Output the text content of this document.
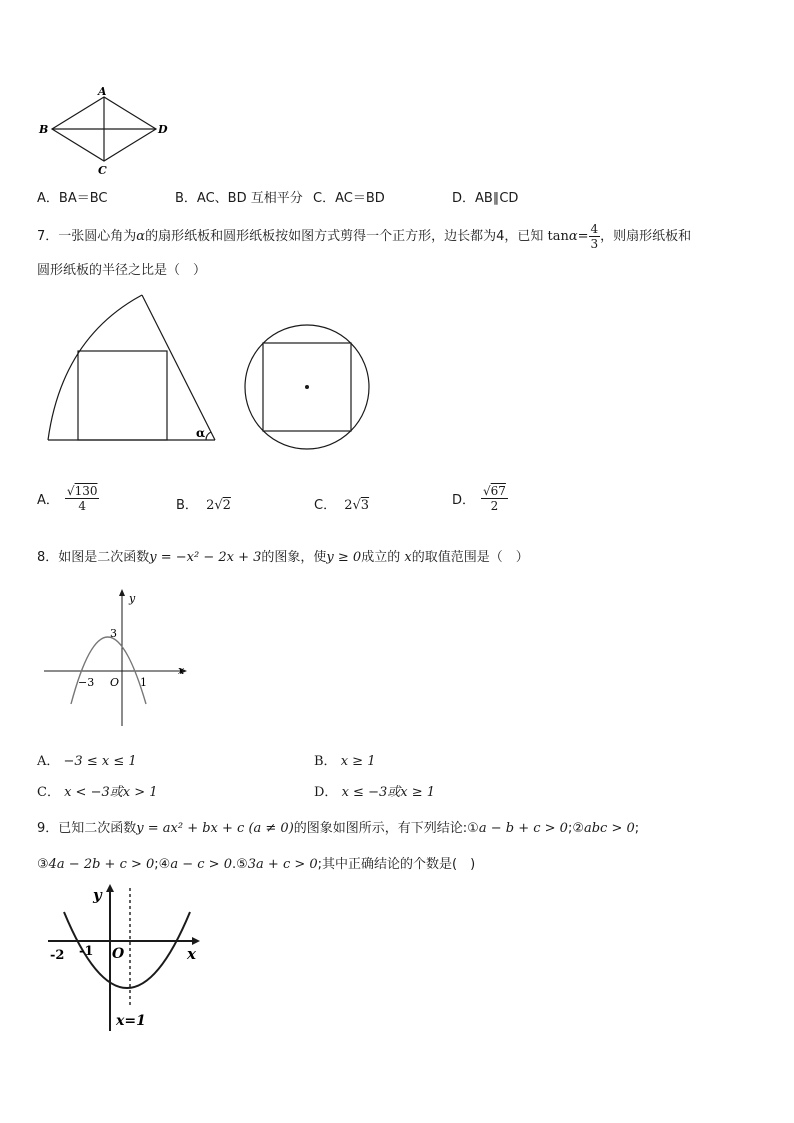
A
B
C
D
A．BA＝BC	B．AC、BD 互相平分 C．AC＝BD	D．AB∥CD
7．一张圆心角为α的扇形纸板和圆形纸板按如图方式剪得一个正方形，边长都为4，已知 $\tan\alpha= \frac{4}{3}$ ，则扇形纸板和
圆形纸板的半径之比是（　）
α
A． $\frac{√130}{4}$	B． 2√2	C． 2√3	D． $\frac{√67}{2}$
8．如图是二次函数y = −x² − 2x + 3的图象，使y ≥ 0成立的 x的取值范围是（　）
y
x
3
−3 O 1
A． −3 ≤ x ≤ 1	B． x ≥ 1
C． x < −3或x > 1	D． x ≤ −3或x ≥ 1
9．已知二次函数y = ax² + bx + c (a ≠ 0)的图象如图所示，有下列结论:①a − b + c > 0;②abc > 0;
③4a − 2b + c > 0;④a − c > 0.⑤3a + c > 0;其中正确结论的个数是(　)
y
x
-2 -1 O
x=1
